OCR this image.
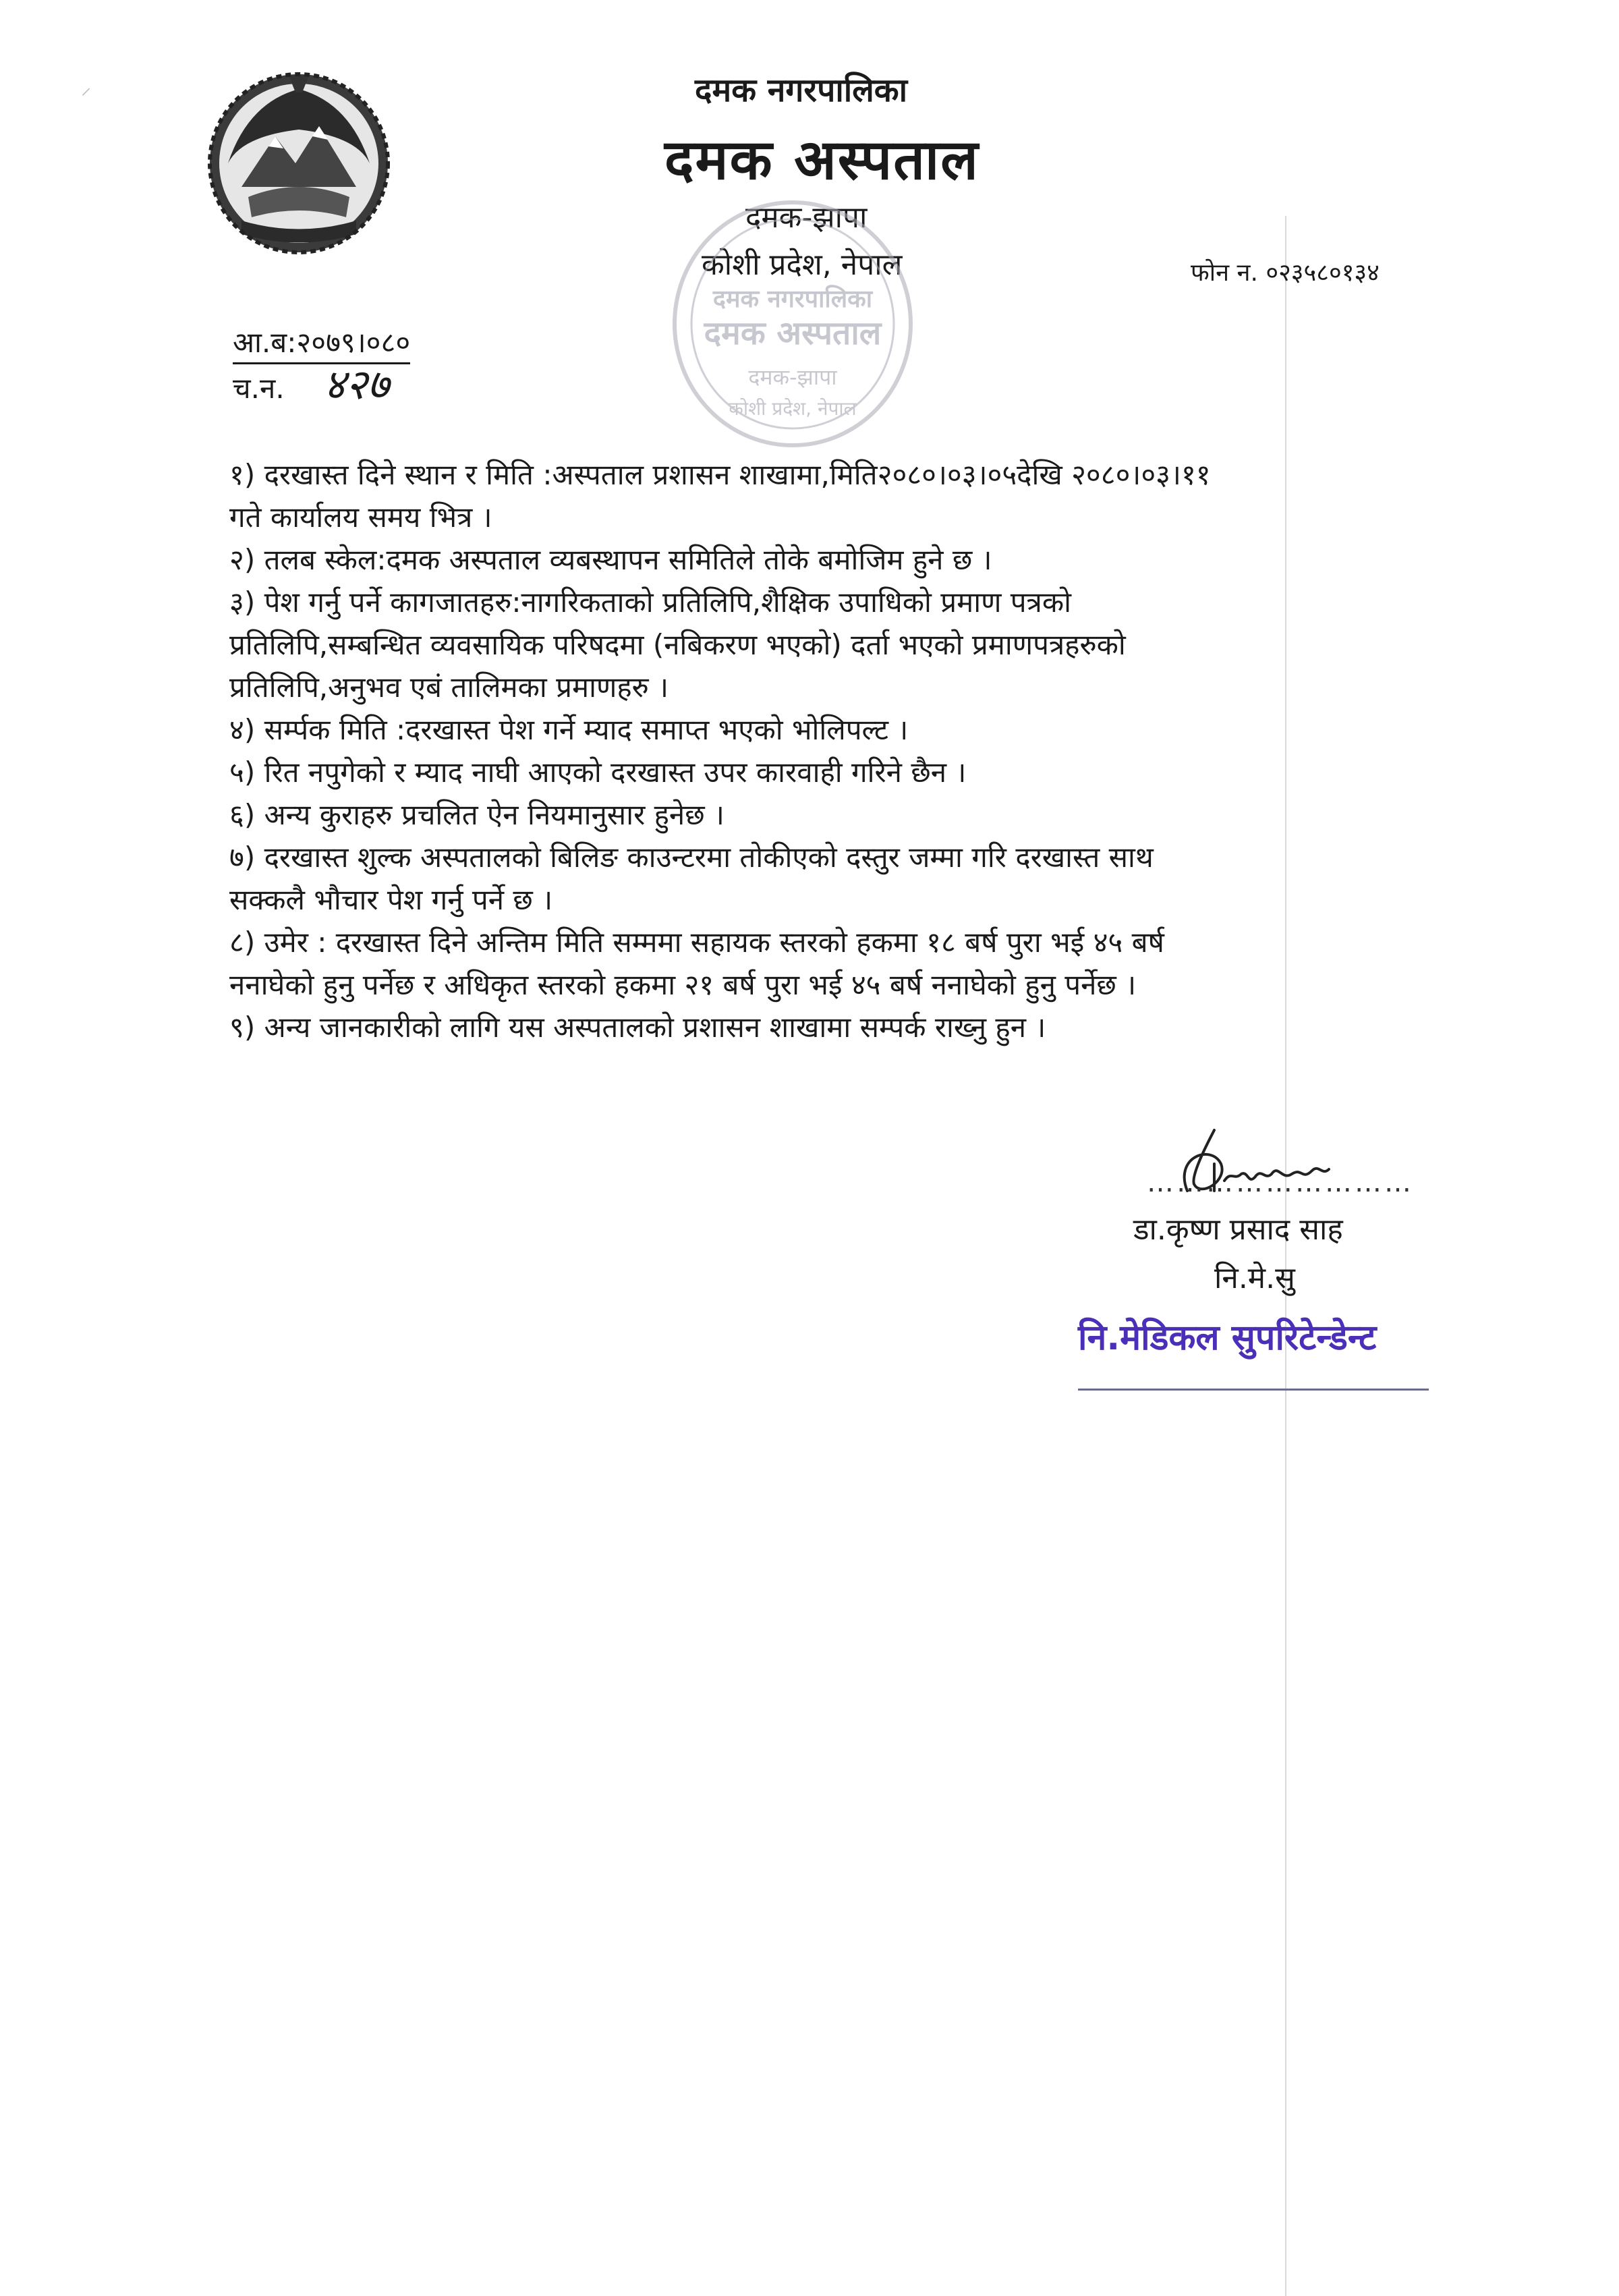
⸍	दमक नगरपालिका
दमक अस्पताल
दमक-झापा
कोशी प्रदेश, नेपाल	फोन न. ०२३५८०१३४
दमक नगरपालिका
दमक अस्पताल
दमक-झापा
कोशी प्रदेश, नेपाल
आ.ब:२०७९।०८०
च.न. ४२७
१) दरखास्त दिने स्थान र मिति :अस्पताल प्रशासन शाखामा,मिति२०८०।०३।०५देखि २०८०।०३।११
गते कार्यालय समय भित्र ।
२) तलब स्केल:दमक अस्पताल व्यबस्थापन समितिले तोके बमोजिम हुने छ ।
३) पेश गर्नु पर्ने कागजातहरु:नागरिकताको प्रतिलिपि,शैक्षिक उपाधिको प्रमाण पत्रको
प्रतिलिपि,सम्बन्धित व्यवसायिक परिषदमा (नबिकरण भएको) दर्ता भएको प्रमाणपत्रहरुको
प्रतिलिपि,अनुभव एबं तालिमका प्रमाणहरु ।
४) सर्म्पक मिति :दरखास्त पेश गर्ने म्याद समाप्त भएको भोलिपल्ट ।
५) रित नपुगेको र म्याद नाघी आएको दरखास्त उपर कारवाही गरिने छैन ।
६) अन्य कुराहरु प्रचलित ऐन नियमानुसार हुनेछ ।
७) दरखास्त शुल्क अस्पतालको बिलिङ काउन्टरमा तोकीएको दस्तुर जम्मा गरि दरखास्त साथ
सक्कलै भौचार पेश गर्नु पर्ने छ ।
८) उमेर : दरखास्त दिने अन्तिम मिति सम्ममा सहायक स्तरको हकमा १८ बर्ष पुरा भई ४५ बर्ष
ननाघेको हुनु पर्नेछ र अधिकृत स्तरको हकमा २१ बर्ष पुरा भई ४५ बर्ष ननाघेको हुनु पर्नेछ ।
९) अन्य जानकारीको लागि यस अस्पतालको प्रशासन शाखामा सम्पर्क राख्नु हुन ।
………………………
डा.कृष्ण प्रसाद साह
नि.मे.सु
नि.मेडिकल सुपरिटेन्डेन्ट
